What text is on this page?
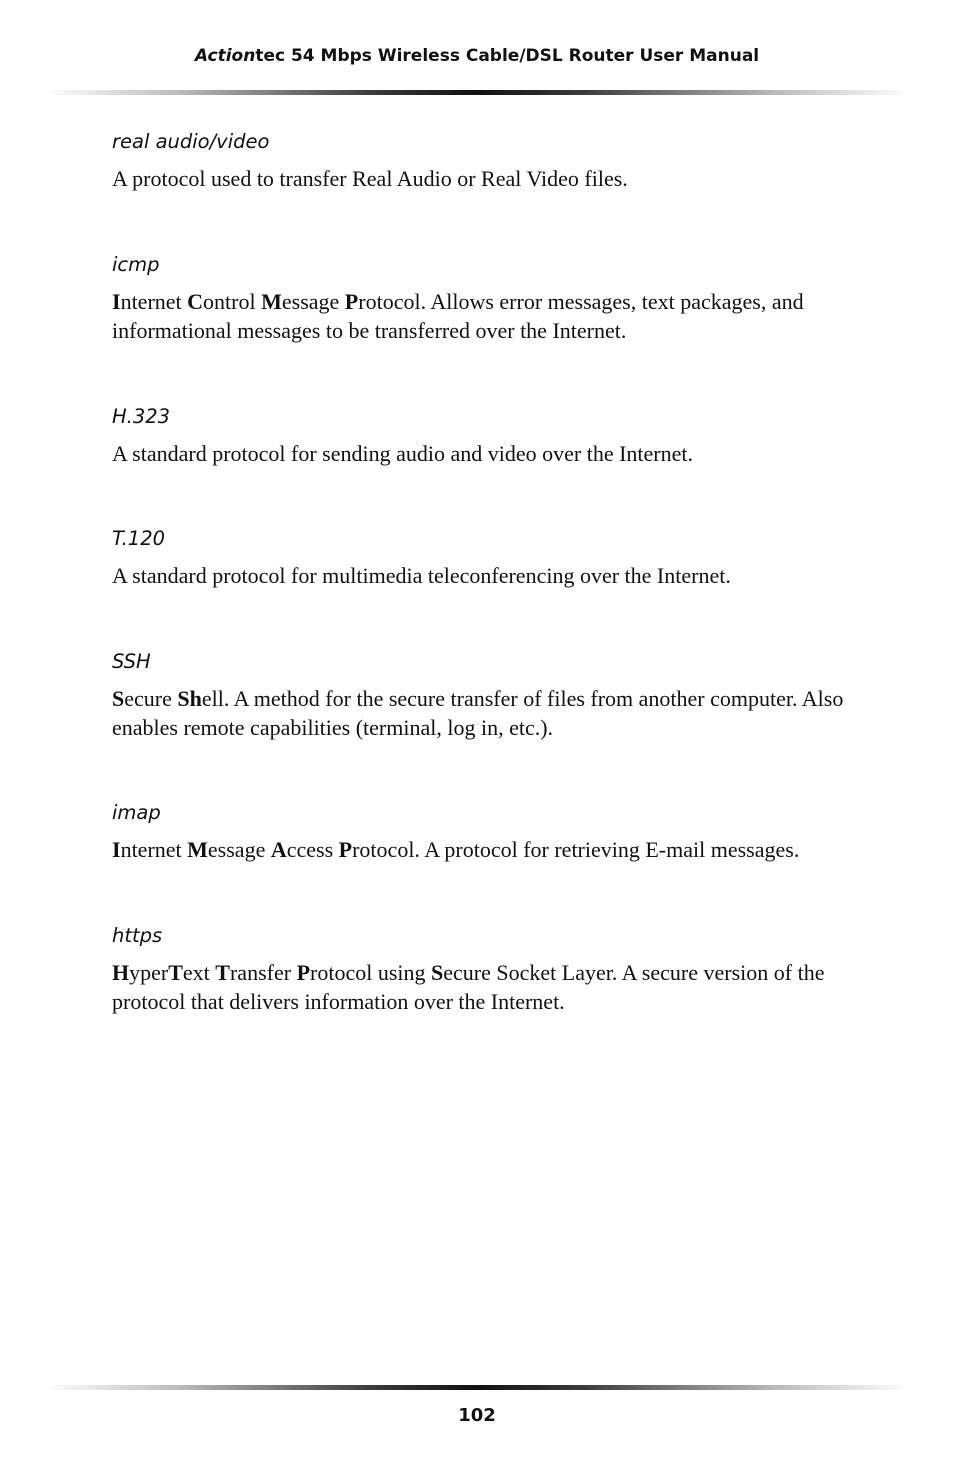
Actiontec 54 Mbps Wireless Cable/DSL Router User Manual
real audio/video
A protocol used to transfer Real Audio or Real Video files.
icmp
Internet Control Message Protocol. Allows error messages, text packages, and informational messages to be transferred over the Internet.
H.323
A standard protocol for sending audio and video over the Internet.
T.120
A standard protocol for multimedia teleconferencing over the Internet.
SSH
Secure Shell. A method for the secure transfer of files from another computer. Also enables remote capabilities (terminal, log in, etc.).
imap
Internet Message Access Protocol. A protocol for retrieving E-mail messages.
https
HyperText Transfer Protocol using Secure Socket Layer. A secure version of the protocol that delivers information over the Internet.
102
